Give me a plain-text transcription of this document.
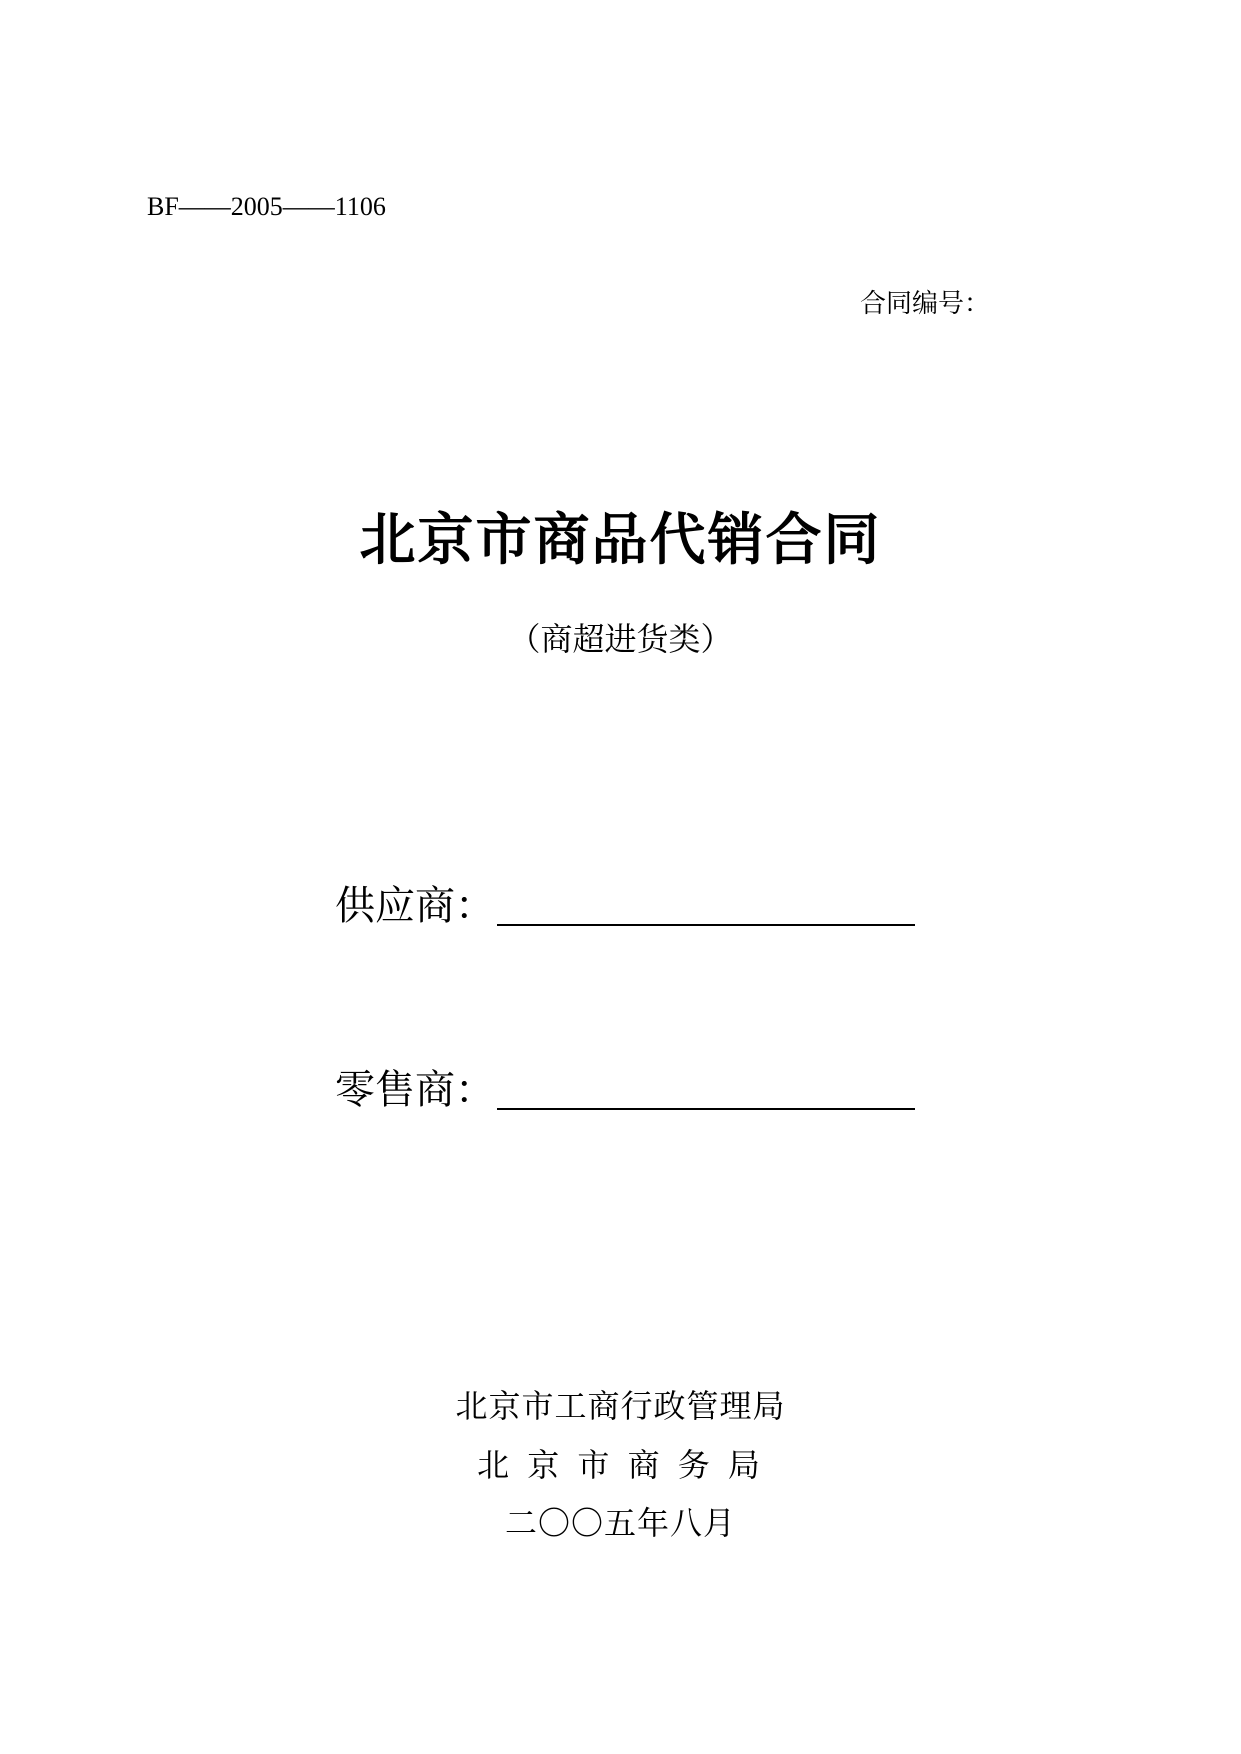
BF——2005——1106
合同编号：
北京市商品代销合同
（商超进货类）
供应商：
零售商：
北京市工商行政管理局
北 京 市 商 务 局
二〇〇五年八月
